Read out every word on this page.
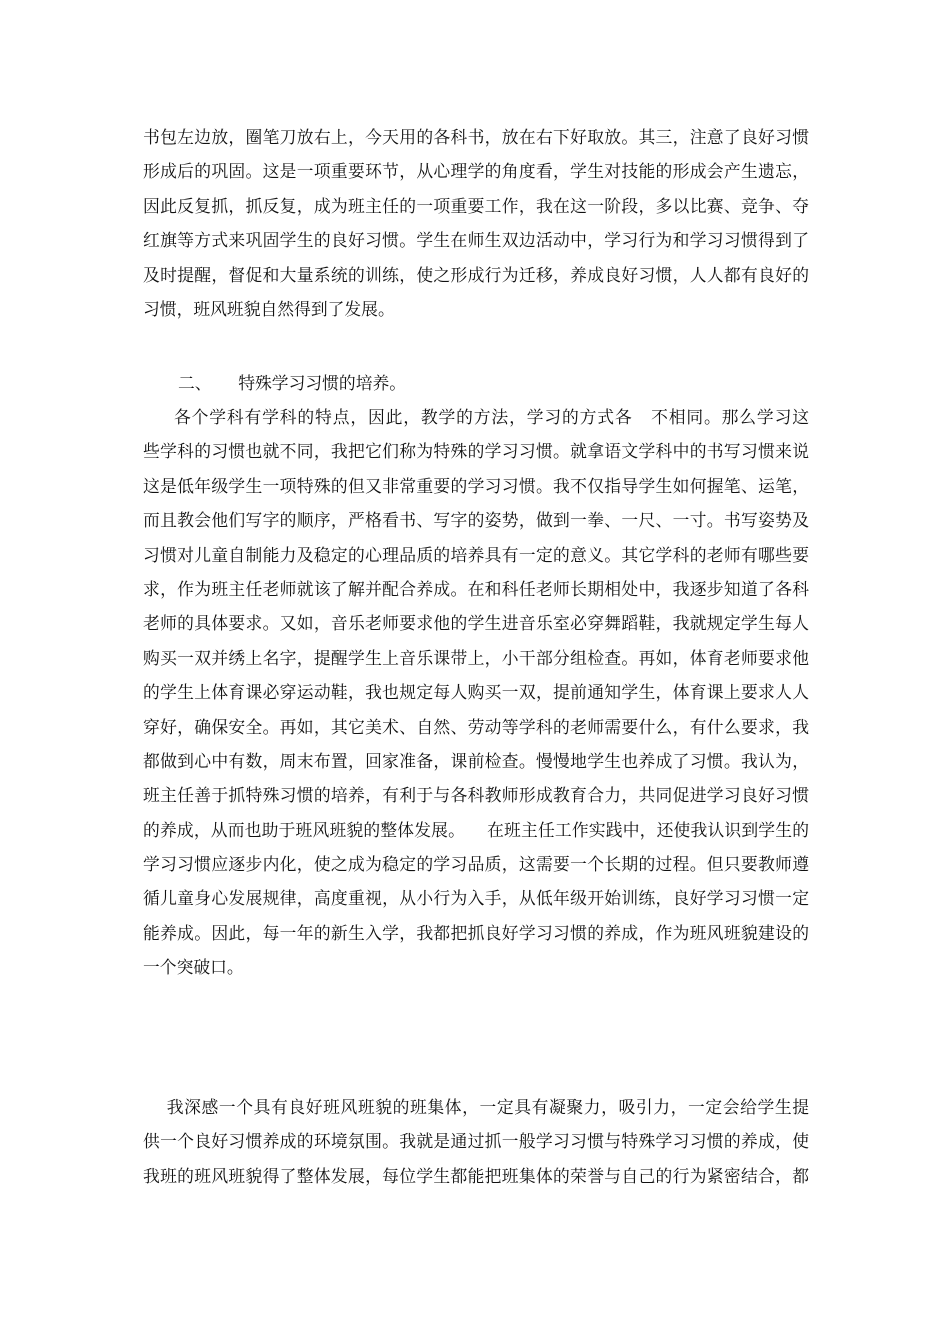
书包左边放，圈笔刀放右上，今天用的各科书，放在右下好取放。其三，注意了良好习惯
形成后的巩固。这是一项重要环节，从心理学的角度看，学生对技能的形成会产生遗忘，
因此反复抓，抓反复，成为班主任的一项重要工作，我在这一阶段，多以比赛、竞争、夺
红旗等方式来巩固学生的良好习惯。学生在师生双边活动中，学习行为和学习习惯得到了
及时提醒，督促和大量系统的训练，使之形成行为迁移，养成良好习惯，人人都有良好的
习惯，班风班貌自然得到了发展。
二、     特殊学习习惯的培养。
各个学科有学科的特点，因此，教学的方法，学习的方式各   不相同。那么学习这
些学科的习惯也就不同，我把它们称为特殊的学习习惯。就拿语文学科中的书写习惯来说
这是低年级学生一项特殊的但又非常重要的学习习惯。我不仅指导学生如何握笔、运笔，
而且教会他们写字的顺序，严格看书、写字的姿势，做到一拳、一尺、一寸。书写姿势及
习惯对儿童自制能力及稳定的心理品质的培养具有一定的意义。其它学科的老师有哪些要
求，作为班主任老师就该了解并配合养成。在和科任老师长期相处中，我逐步知道了各科
老师的具体要求。又如，音乐老师要求他的学生进音乐室必穿舞蹈鞋，我就规定学生每人
购买一双并绣上名字，提醒学生上音乐课带上，小干部分组检查。再如，体育老师要求他
的学生上体育课必穿运动鞋，我也规定每人购买一双，提前通知学生，体育课上要求人人
穿好，确保安全。再如，其它美术、自然、劳动等学科的老师需要什么，有什么要求，我
都做到心中有数，周末布置，回家准备，课前检查。慢慢地学生也养成了习惯。我认为，
班主任善于抓特殊习惯的培养，有利于与各科教师形成教育合力，共同促进学习良好习惯
的养成，从而也助于班风班貌的整体发展。    在班主任工作实践中，还使我认识到学生的
学习习惯应逐步内化，使之成为稳定的学习品质，这需要一个长期的过程。但只要教师遵
循儿童身心发展规律，高度重视，从小行为入手，从低年级开始训练，良好学习习惯一定
能养成。因此，每一年的新生入学，我都把抓良好学习习惯的养成，作为班风班貌建设的
一个突破口。
我深感一个具有良好班风班貌的班集体，一定具有凝聚力，吸引力，一定会给学生提
供一个良好习惯养成的环境氛围。我就是通过抓一般学习习惯与特殊学习习惯的养成，使
我班的班风班貌得了整体发展，每位学生都能把班集体的荣誉与自己的行为紧密结合，都
